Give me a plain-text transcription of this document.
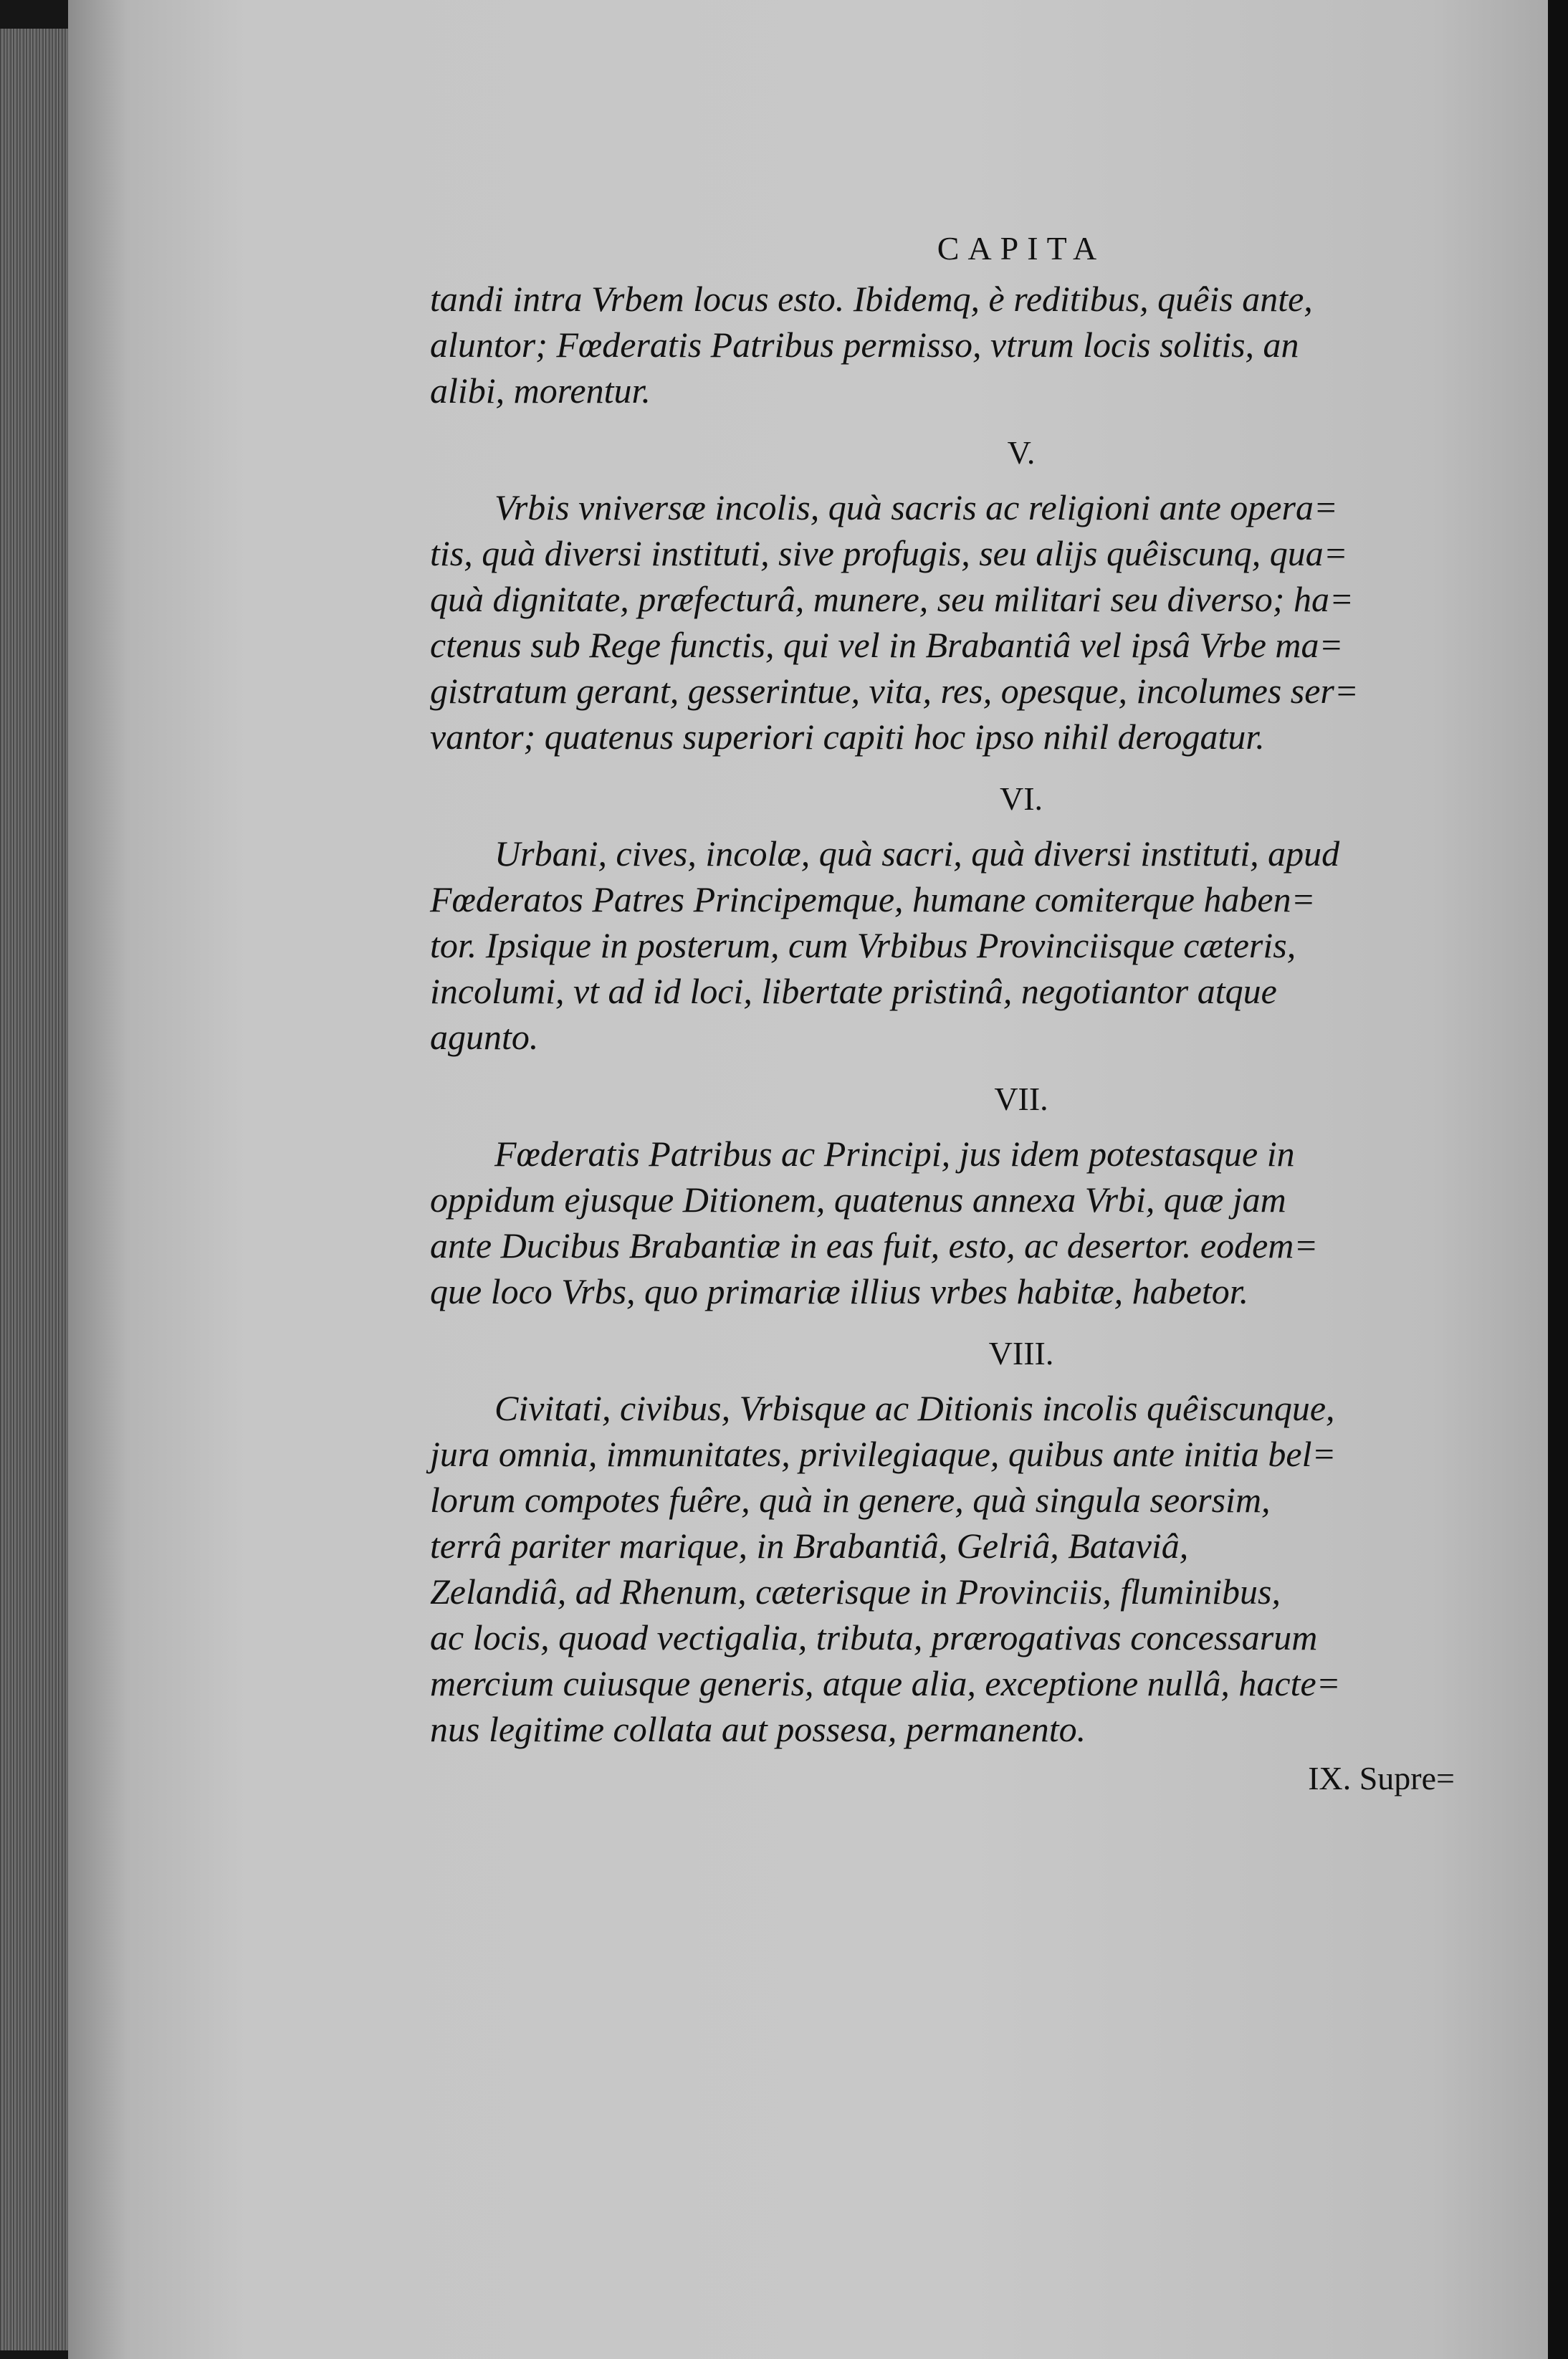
CAPITA

tandi intra Vrbem locus esto. Ibidemq, è reditibus, quêis ante,

aluntor; Fœderatis Patribus permisso, vtrum locis solitis, an

alibi, morentur.

V.

Vrbis vniversæ incolis, quà sacris ac religioni ante opera=

tis, quà diversi instituti, sive profugis, seu alijs quêiscunq, qua=

quà dignitate, præfecturâ, munere, seu militari seu diverso; ha=

ctenus sub Rege functis, qui vel in Brabantiâ vel ipsâ Vrbe ma=

gistratum gerant, gesserintue, vita, res, opesque, incolumes ser=

vantor; quatenus superiori capiti hoc ipso nihil derogatur.

VI.

Urbani, cives, incolæ, quà sacri, quà diversi instituti, apud

Fœderatos Patres Principemque, humane comiterque haben=

tor. Ipsique in posterum, cum Vrbibus Provinciisque cæteris,

incolumi, vt ad id loci, libertate pristinâ, negotiantor atque

agunto.

VII.

Fœderatis Patribus ac Principi, jus idem potestasque in

oppidum ejusque Ditionem, quatenus annexa Vrbi, quæ jam

ante Ducibus Brabantiæ in eas fuit, esto, ac desertor. eodem=

que loco Vrbs, quo primariæ illius vrbes habitæ, habetor.

VIII.

Civitati, civibus, Vrbisque ac Ditionis incolis quêiscunque,

jura omnia, immunitates, privilegiaque, quibus ante initia bel=

lorum compotes fuêre, quà in genere, quà singula seorsim,

terrâ pariter marique, in Brabantiâ, Gelriâ, Bataviâ,

Zelandiâ, ad Rhenum, cæterisque in Provinciis, fluminibus,

ac locis, quoad vectigalia, tributa, prærogativas concessarum

mercium cuiusque generis, atque alia, exceptione nullâ, hacte=

nus legitime collata aut possesa, permanento.

IX. Supre=
